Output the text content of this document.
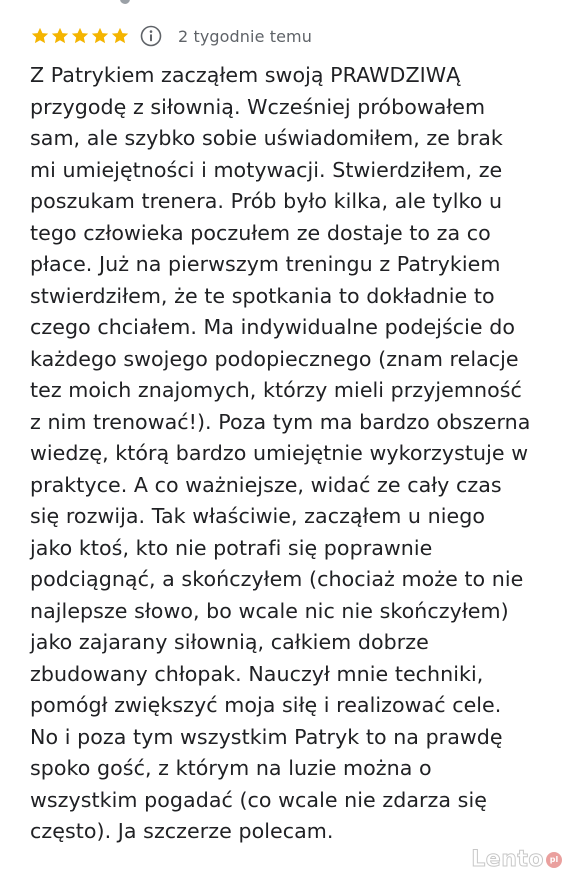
2 tygodnie temu

Z Patrykiem zacząłem swoją PRAWDZIWĄ
przygodę z siłownią. Wcześniej próbowałem
sam, ale szybko sobie uświadomiłem, ze brak
mi umiejętności i motywacji. Stwierdziłem, ze
poszukam trenera. Prób było kilka, ale tylko u
tego człowieka poczułem ze dostaje to za co
płace. Już na pierwszym treningu z Patrykiem
stwierdziłem, że te spotkania to dokładnie to
czego chciałem. Ma indywidualne podejście do
każdego swojego podopiecznego (znam relacje
tez moich znajomych, którzy mieli przyjemność
z nim trenować!). Poza tym ma bardzo obszerna
wiedzę, którą bardzo umiejętnie wykorzystuje w
praktyce. A co ważniejsze, widać ze cały czas
się rozwija. Tak właściwie, zacząłem u niego
jako ktoś, kto nie potrafi się poprawnie
podciągnąć, a skończyłem (chociaż może to nie
najlepsze słowo, bo wcale nic nie skończyłem)
jako zajarany siłownią, całkiem dobrze
zbudowany chłopak. Nauczył mnie techniki,
pomógł zwiększyć moja siłę i realizować cele.
No i poza tym wszystkim Patryk to na prawdę
spoko gość, z którym na luzie można o
wszystkim pogadać (co wcale nie zdarza się
często). Ja szczerze polecam.

Lento pl
